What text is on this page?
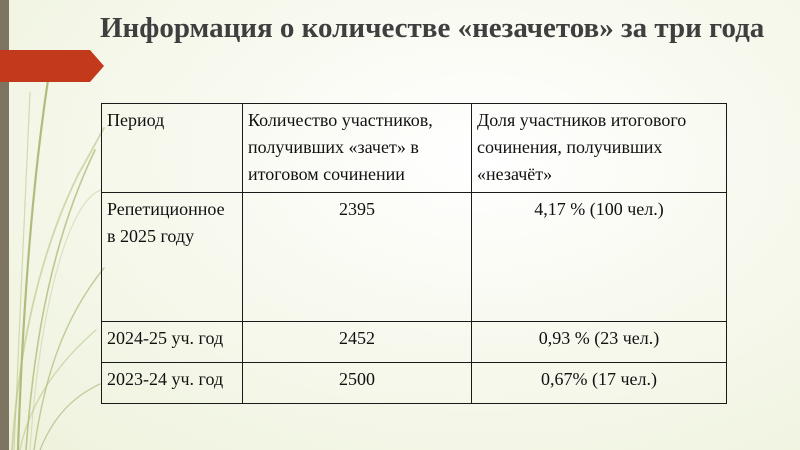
Информация о количестве «незачетов» за три года
Период	Количество участников, получивших «зачет» в итоговом сочинении	Доля участников итогового сочинения, получивших «незачёт»
Репетиционное в 2025 году	2395	4,17 % (100 чел.)
2024-25 уч. год	2452	0,93 % (23 чел.)
2023-24 уч. год	2500	0,67% (17 чел.)
